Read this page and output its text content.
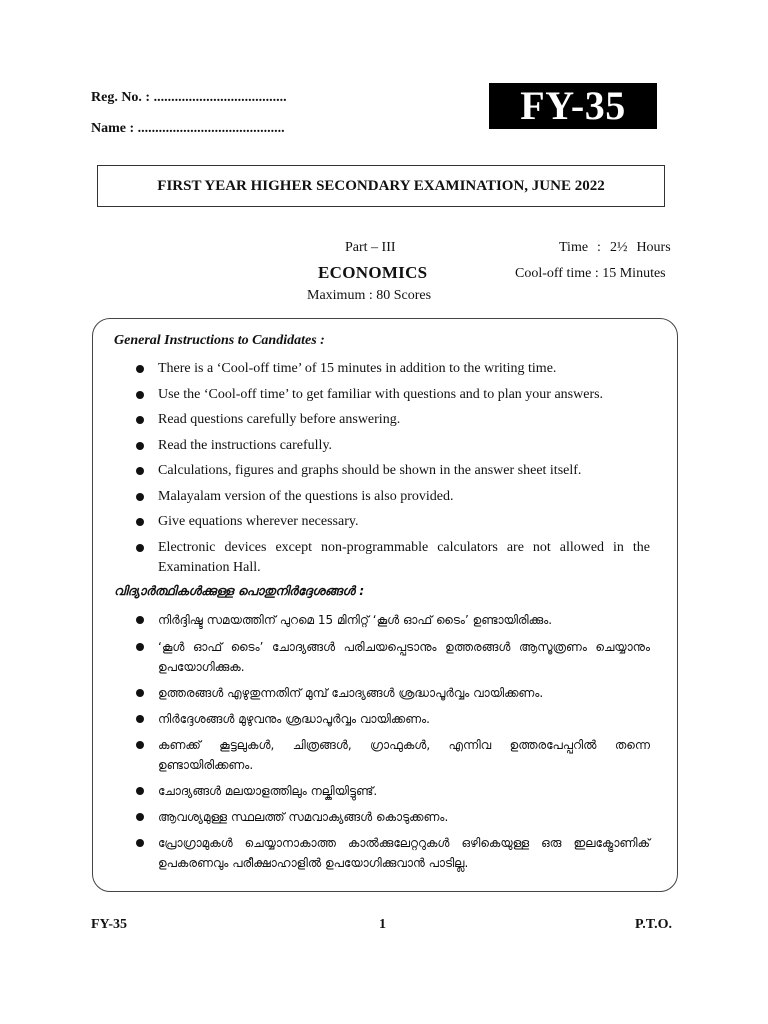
Reg. No. : ......................................
Name : ..........................................
FY-35
FIRST YEAR HIGHER SECONDARY EXAMINATION, JUNE 2022
Part – III	Time  :  2½  Hours
ECONOMICS	Cool-off time : 15 Minutes
Maximum : 80 Scores
General Instructions to Candidates :
There is a ‘Cool-off time’ of 15 minutes in addition to the writing time.
Use the ‘Cool-off time’ to get familiar with questions and to plan your answers.
Read questions carefully before answering.
Read the instructions carefully.
Calculations, figures and graphs should be shown in the answer sheet itself.
Malayalam version of the questions is also provided.
Give equations wherever necessary.
Electronic devices except non-programmable calculators are not allowed in the Examination Hall.
വിദ്യാർത്ഥികൾക്കുള്ള പൊതുനിർദ്ദേശങ്ങൾ :
നിർദ്ദിഷ്ട സമയത്തിന് പുറമെ 15 മിനിറ്റ് ‘കൂൾ ഓഫ് ടൈം’ ഉണ്ടായിരിക്കും.
‘കൂൾ ഓഫ് ടൈം’ ചോദ്യങ്ങൾ പരിചയപ്പെടാനും ഉത്തരങ്ങൾ ആസൂത്രണം ചെയ്യാനും ഉപയോഗിക്കുക.
ഉത്തരങ്ങൾ എഴുതുന്നതിന് മുമ്പ് ചോദ്യങ്ങൾ ശ്രദ്ധാപൂർവ്വം വായിക്കണം.
നിർദ്ദേശങ്ങൾ മുഴുവനും ശ്രദ്ധാപൂർവ്വം വായിക്കണം.
കണക്ക് കൂട്ടലുകൾ, ചിത്രങ്ങൾ, ഗ്രാഫുകൾ, എന്നിവ ഉത്തരപേപ്പറിൽ തന്നെ ഉണ്ടായിരിക്കണം.
ചോദ്യങ്ങൾ മലയാളത്തിലും നല്കിയിട്ടുണ്ട്.
ആവശ്യമുള്ള സ്ഥലത്ത് സമവാക്യങ്ങൾ കൊടുക്കണം.
പ്രോഗ്രാമുകൾ ചെയ്യാനാകാത്ത കാൽക്കുലേറ്ററുകൾ ഒഴികെയുള്ള ഒരു ഇലക്ട്രോണിക് ഉപകരണവും പരീക്ഷാഹാളിൽ ഉപയോഗിക്കുവാൻ പാടില്ല.
FY-35	1	P.T.O.
